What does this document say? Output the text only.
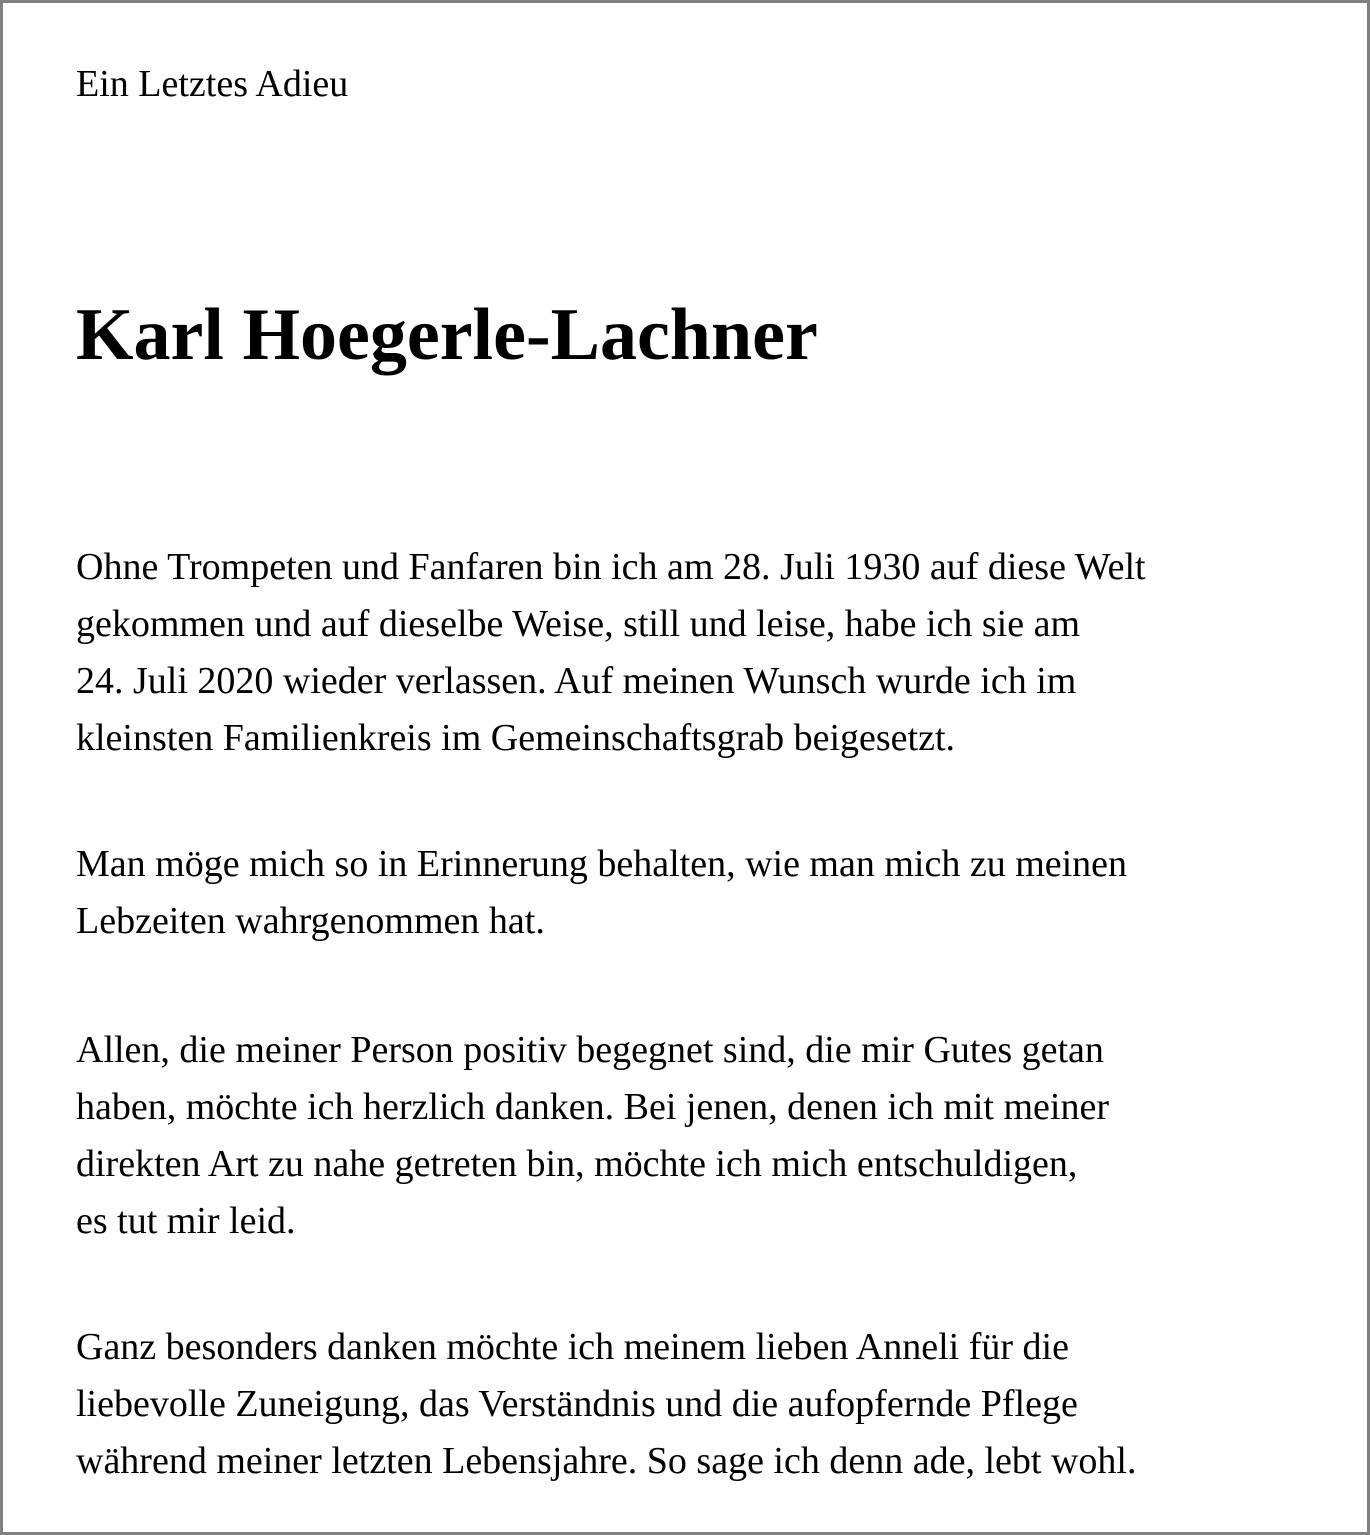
Ein Letztes Adieu

Karl Hoegerle-Lachner

Ohne Trompeten und Fanfaren bin ich am 28. Juli 1930 auf diese Welt
gekommen und auf dieselbe Weise, still und leise, habe ich sie am
24. Juli 2020 wieder verlassen. Auf meinen Wunsch wurde ich im
kleinsten Familienkreis im Gemeinschaftsgrab beigesetzt.

Man möge mich so in Erinnerung behalten, wie man mich zu meinen
Lebzeiten wahrgenommen hat.

Allen, die meiner Person positiv begegnet sind, die mir Gutes getan
haben, möchte ich herzlich danken. Bei jenen, denen ich mit meiner
direkten Art zu nahe getreten bin, möchte ich mich entschuldigen,
es tut mir leid.

Ganz besonders danken möchte ich meinem lieben Anneli für die
liebevolle Zuneigung, das Verständnis und die aufopfernde Pflege
während meiner letzten Lebensjahre. So sage ich denn ade, lebt wohl.
